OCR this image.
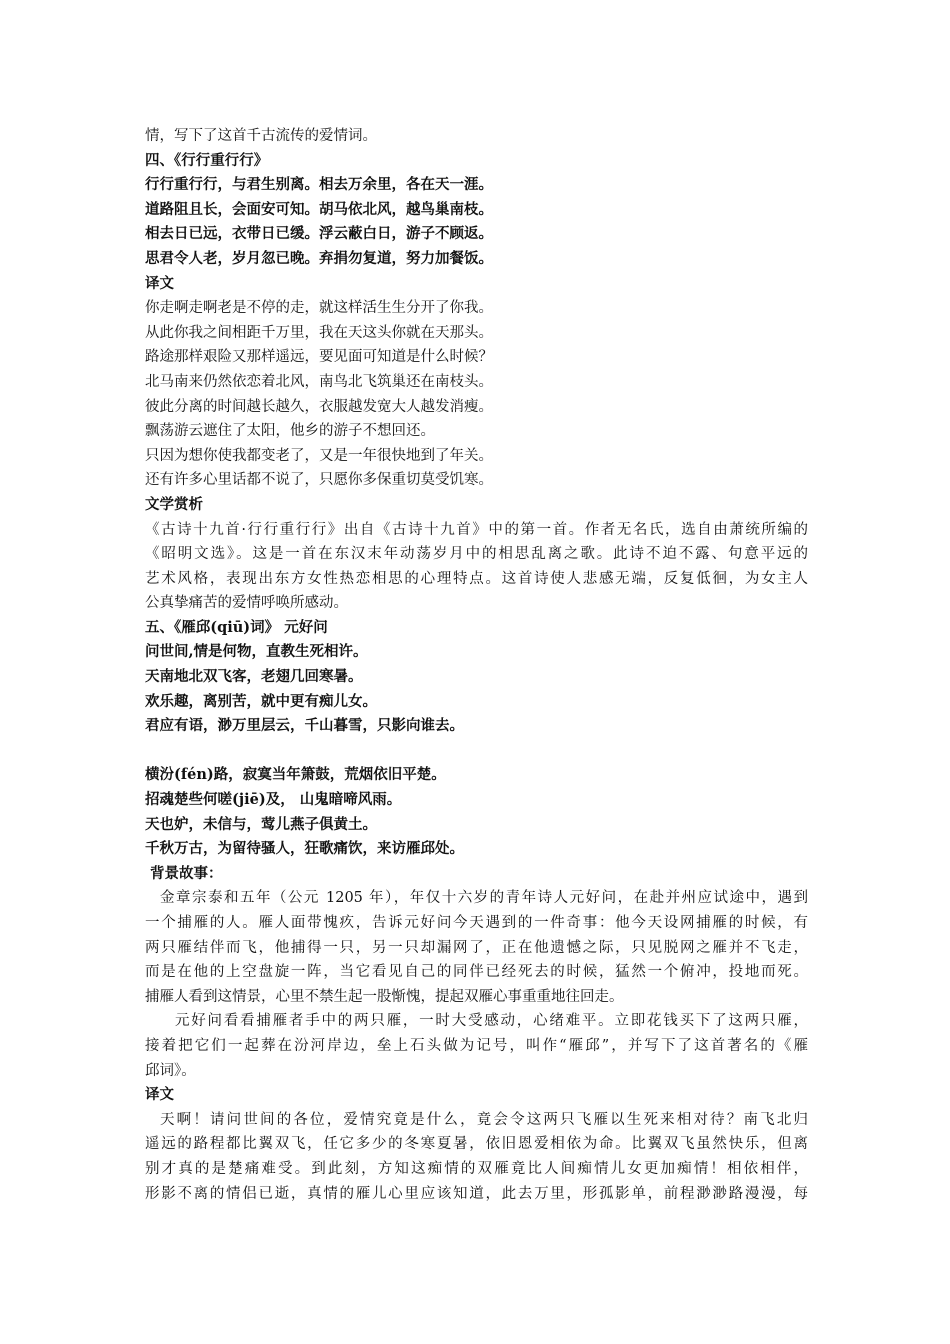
情，写下了这首千古流传的爱情词。
四、《行行重行行》
行行重行行，与君生别离。相去万余里，各在天一涯。
道路阻且长，会面安可知。胡马依北风，越鸟巢南枝。
相去日已远，衣带日已缓。浮云蔽白日，游子不顾返。
思君令人老，岁月忽已晚。弃捐勿复道，努力加餐饭。
译文
你走啊走啊老是不停的走，就这样活生生分开了你我。
从此你我之间相距千万里，我在天这头你就在天那头。
路途那样艰险又那样遥远，要见面可知道是什么时候？
北马南来仍然依恋着北风，南鸟北飞筑巢还在南枝头。
彼此分离的时间越长越久，衣服越发宽大人越发消瘦。
飘荡游云遮住了太阳，他乡的游子不想回还。
只因为想你使我都变老了，又是一年很快地到了年关。
还有许多心里话都不说了，只愿你多保重切莫受饥寒。
文学赏析
《古诗十九首·行行重行行》出自《古诗十九首》中的第一首。作者无名氏，选自由萧统所编的
《昭明文选》。这是一首在东汉末年动荡岁月中的相思乱离之歌。此诗不迫不露、句意平远的
艺术风格，表现出东方女性热恋相思的心理特点。这首诗使人悲感无端，反复低徊，为女主人
公真挚痛苦的爱情呼唤所感动。
五、《雁邱(qiū)词》 元好问
问世间,情是何物，直教生死相许。
天南地北双飞客，老翅几回寒暑。
欢乐趣，离别苦，就中更有痴儿女。
君应有语，渺万里层云，千山暮雪，只影向谁去。
横汾(fén)路，寂寞当年箫鼓，荒烟依旧平楚。
招魂楚些何嗟(jiē)及， 山鬼暗啼风雨。
天也妒，未信与，莺儿燕子俱黄土。
千秋万古，为留待骚人，狂歌痛饮，来访雁邱处。
背景故事：
金章宗泰和五年（公元 1205 年），年仅十六岁的青年诗人元好问，在赴并州应试途中，遇到
一个捕雁的人。雁人面带愧疚，告诉元好问今天遇到的一件奇事：他今天设网捕雁的时候，有
两只雁结伴而飞，他捕得一只，另一只却漏网了，正在他遗憾之际，只见脱网之雁并不飞走，
而是在他的上空盘旋一阵，当它看见自己的同伴已经死去的时候，猛然一个俯冲，投地而死。
捕雁人看到这情景，心里不禁生起一股惭愧，提起双雁心事重重地往回走。
元好问看看捕雁者手中的两只雁，一时大受感动，心绪难平。立即花钱买下了这两只雁，
接着把它们一起葬在汾河岸边，垒上石头做为记号，叫作“雁邱”，并写下了这首著名的《雁
邱词》。
译文
天啊！请问世间的各位，爱情究竟是什么，竟会令这两只飞雁以生死来相对待？南飞北归
遥远的路程都比翼双飞，任它多少的冬寒夏暑，依旧恩爱相依为命。比翼双飞虽然快乐，但离
别才真的是楚痛难受。到此刻，方知这痴情的双雁竟比人间痴情儿女更加痴情！相依相伴，
形影不离的情侣已逝，真情的雁儿心里应该知道，此去万里，形孤影单，前程渺渺路漫漫，每
